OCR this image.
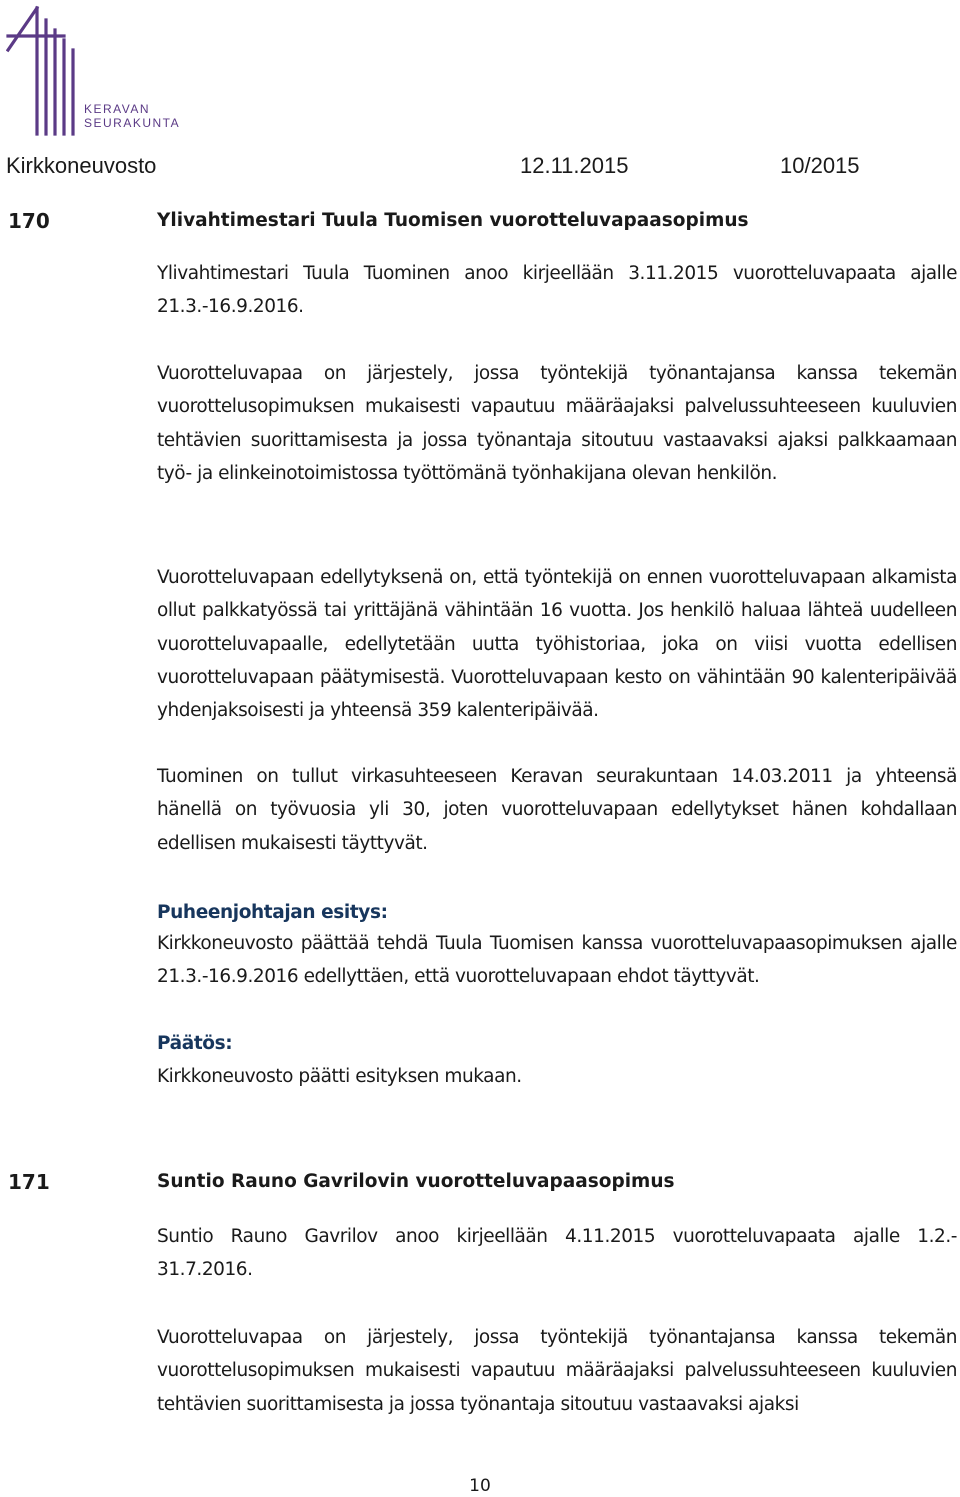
KERAVAN
SEURAKUNTA
Kirkkoneuvosto	12.11.2015	10/2015
170	Ylivahtimestari Tuula Tuomisen vuorotteluvapaasopimus
Ylivahtimestari Tuula Tuominen anoo kirjeellään 3.11.2015 vuorotteluvapaata ajalle
21.3.-16.9.2016.
Vuorotteluvapaa on järjestely, jossa työntekijä työnantajansa kanssa tekemän vuorottelusopimuksen mukaisesti vapautuu määräajaksi palvelussuhteeseen kuuluvien tehtävien suorittamisesta ja jossa työnantaja sitoutuu vastaavaksi ajaksi palkkaamaan työ- ja elinkeinotoimistossa työttömänä työnhakijana olevan henkilön.
Vuorotteluvapaan edellytyksenä on, että työntekijä on ennen vuorotteluvapaan alkamista ollut palkkatyössä tai yrittäjänä vähintään 16 vuotta. Jos henkilö haluaa lähteä uudelleen vuorotteluvapaalle, edellytetään uutta työhistoriaa, joka on viisi vuotta edellisen vuorotteluvapaan päätymisestä. Vuorotteluvapaan kesto on vähintään 90 kalenteripäivää yhdenjaksoisesti ja yhteensä 359 kalenteripäivää.
Tuominen on tullut virkasuhteeseen Keravan seurakuntaan 14.03.2011 ja yhteensä hänellä on työvuosia yli 30, joten vuorotteluvapaan edellytykset hänen kohdallaan edellisen mukaisesti täyttyvät.
Puheenjohtajan esitys:
Kirkkoneuvosto päättää tehdä Tuula Tuomisen kanssa vuorotteluvapaasopimuksen ajalle 21.3.-16.9.2016 edellyttäen, että vuorotteluvapaan ehdot täyttyvät.
Päätös:
Kirkkoneuvosto päätti esityksen mukaan.
171	Suntio Rauno Gavrilovin vuorotteluvapaasopimus
Suntio Rauno Gavrilov anoo kirjeellään 4.11.2015 vuorotteluvapaata ajalle 1.2.- 31.7.2016.
Vuorotteluvapaa on järjestely, jossa työntekijä työnantajansa kanssa tekemän vuorottelusopimuksen mukaisesti vapautuu määräajaksi palvelussuhteeseen kuuluvien tehtävien suorittamisesta ja jossa työnantaja sitoutuu vastaavaksi ajaksi
10
